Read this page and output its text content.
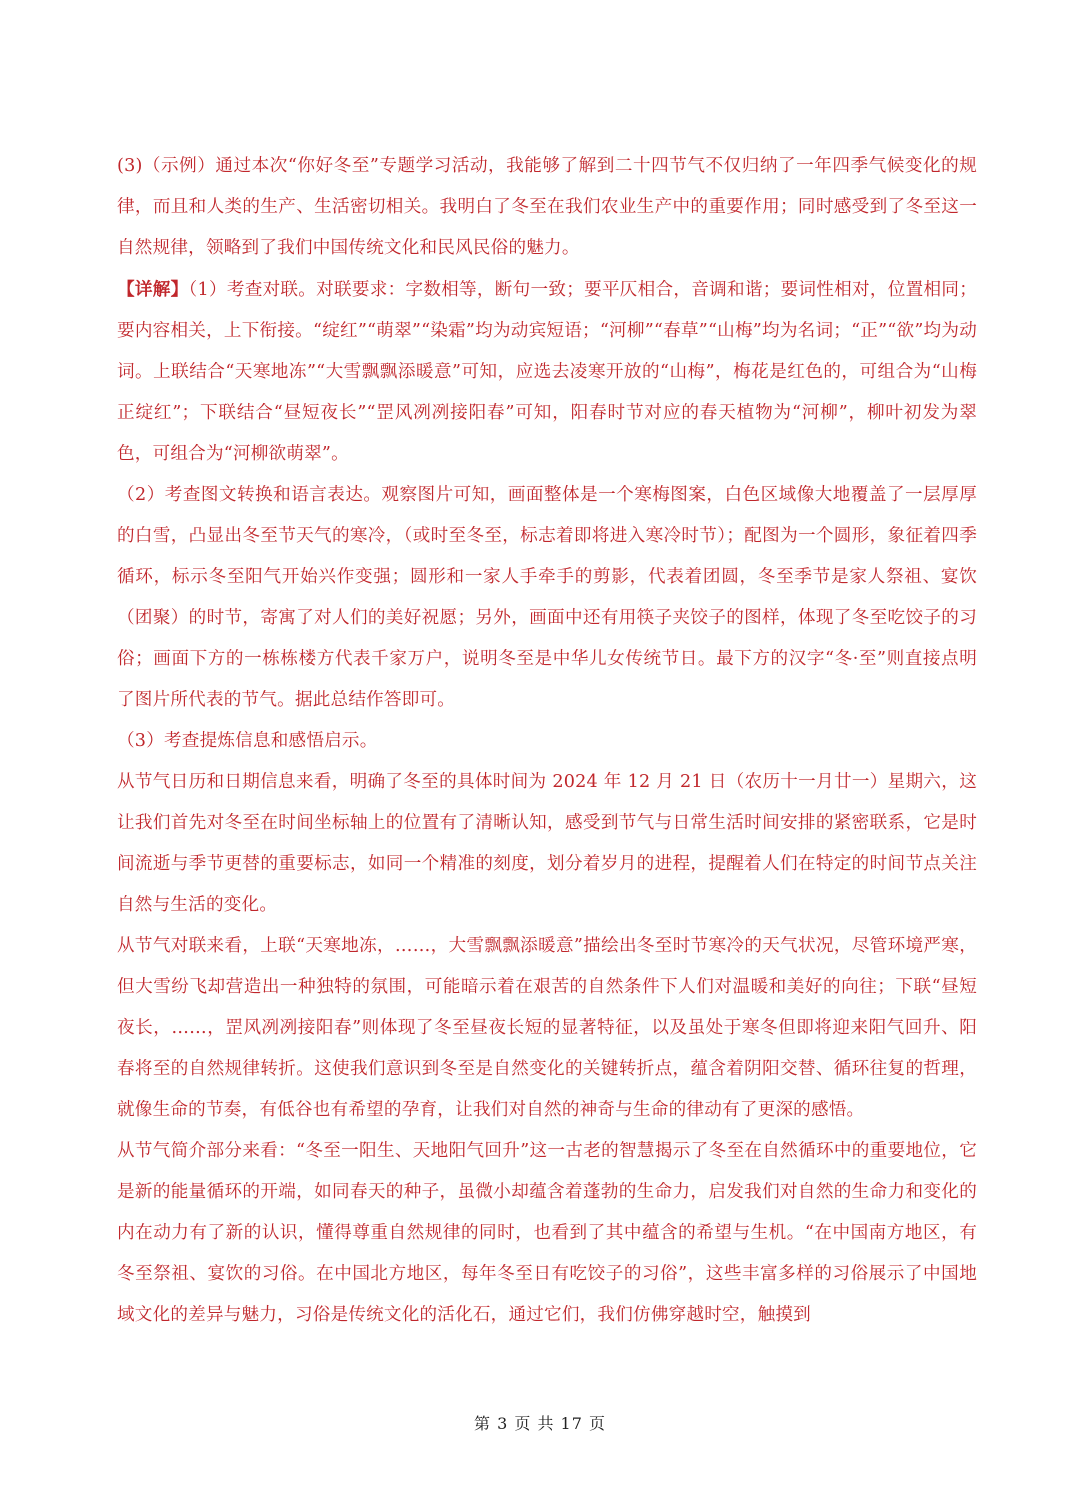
(3)（示例）通过本次“你好冬至”专题学习活动，我能够了解到二十四节气不仅归纳了一年四季气候变化的规律，而且和人类的生产、生活密切相关。我明白了冬至在我们农业生产中的重要作用；同时感受到了冬至这一自然规律，领略到了我们中国传统文化和民风民俗的魅力。

【详解】（1）考查对联。对联要求：字数相等，断句一致；要平仄相合，音调和谐；要词性相对，位置相同；要内容相关，上下衔接。“绽红”“萌翠”“染霜”均为动宾短语；“河柳”“春草”“山梅”均为名词；“正”“欲”均为动词。上联结合“天寒地冻”“大雪飘飘添暖意”可知，应选去凌寒开放的“山梅”，梅花是红色的，可组合为“山梅正绽红”；下联结合“昼短夜长”“罡风冽冽接阳春”可知，阳春时节对应的春天植物为“河柳”，柳叶初发为翠色，可组合为“河柳欲萌翠”。

（2）考查图文转换和语言表达。观察图片可知，画面整体是一个寒梅图案，白色区域像大地覆盖了一层厚厚的白雪，凸显出冬至节天气的寒冷，（或时至冬至，标志着即将进入寒冷时节）；配图为一个圆形，象征着四季循环，标示冬至阳气开始兴作变强；圆形和一家人手牵手的剪影，代表着团圆，冬至季节是家人祭祖、宴饮（团聚）的时节，寄寓了对人们的美好祝愿；另外，画面中还有用筷子夹饺子的图样，体现了冬至吃饺子的习俗；画面下方的一栋栋楼方代表千家万户，说明冬至是中华儿女传统节日。最下方的汉字“冬·至”则直接点明了图片所代表的节气。据此总结作答即可。

（3）考查提炼信息和感悟启示。

从节气日历和日期信息来看，明确了冬至的具体时间为 2024 年 12 月 21 日（农历十一月廿一）星期六，这让我们首先对冬至在时间坐标轴上的位置有了清晰认知，感受到节气与日常生活时间安排的紧密联系，它是时间流逝与季节更替的重要标志，如同一个精准的刻度，划分着岁月的进程，提醒着人们在特定的时间节点关注自然与生活的变化。

从节气对联来看，上联“天寒地冻，……，大雪飘飘添暖意”描绘出冬至时节寒冷的天气状况，尽管环境严寒，但大雪纷飞却营造出一种独特的氛围，可能暗示着在艰苦的自然条件下人们对温暖和美好的向往；下联“昼短夜长，……，罡风冽冽接阳春”则体现了冬至昼夜长短的显著特征，以及虽处于寒冬但即将迎来阳气回升、阳春将至的自然规律转折。这使我们意识到冬至是自然变化的关键转折点，蕴含着阴阳交替、循环往复的哲理，就像生命的节奏，有低谷也有希望的孕育，让我们对自然的神奇与生命的律动有了更深的感悟。

从节气简介部分来看：“冬至一阳生、天地阳气回升”这一古老的智慧揭示了冬至在自然循环中的重要地位，它是新的能量循环的开端，如同春天的种子，虽微小却蕴含着蓬勃的生命力，启发我们对自然的生命力和变化的内在动力有了新的认识，懂得尊重自然规律的同时，也看到了其中蕴含的希望与生机。“在中国南方地区，有冬至祭祖、宴饮的习俗。在中国北方地区，每年冬至日有吃饺子的习俗”，这些丰富多样的习俗展示了中国地域文化的差异与魅力，习俗是传统文化的活化石，通过它们，我们仿佛穿越时空，触摸到

第 3 页 共 17 页
